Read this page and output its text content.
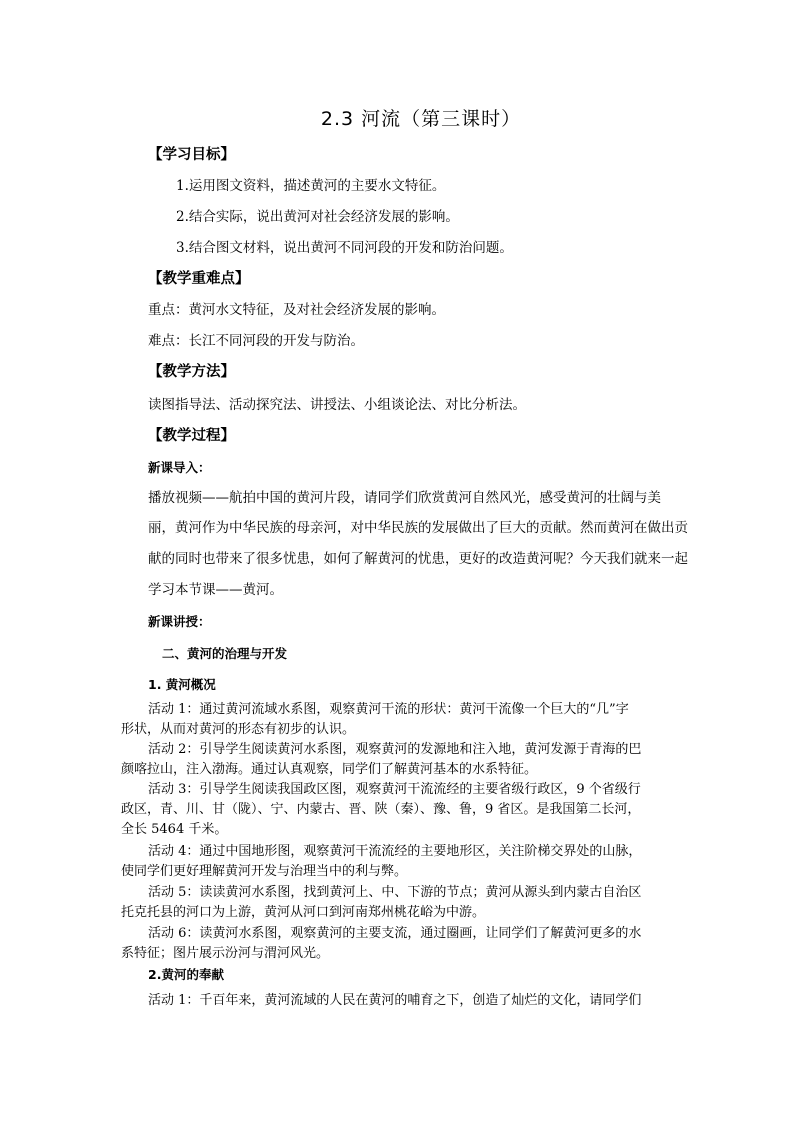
2.3 河流（第三课时）
【学习目标】
1.运用图文资料，描述黄河的主要水文特征。
2.结合实际，说出黄河对社会经济发展的影响。
3.结合图文材料，说出黄河不同河段的开发和防治问题。
【教学重难点】
重点：黄河水文特征，及对社会经济发展的影响。
难点：长江不同河段的开发与防治。
【教学方法】
读图指导法、活动探究法、讲授法、小组谈论法、对比分析法。
【教学过程】
新课导入：
播放视频——航拍中国的黄河片段，请同学们欣赏黄河自然风光，感受黄河的壮阔与美
丽，黄河作为中华民族的母亲河，对中华民族的发展做出了巨大的贡献。然而黄河在做出贡
献的同时也带来了很多忧患，如何了解黄河的忧患，更好的改造黄河呢？今天我们就来一起
学习本节课——黄河。
新课讲授：
二、黄河的治理与开发
1. 黄河概况
活动 1：通过黄河流域水系图，观察黄河干流的形状：黄河干流像一个巨大的“几”字
形状，从而对黄河的形态有初步的认识。
活动 2：引导学生阅读黄河水系图，观察黄河的发源地和注入地，黄河发源于青海的巴
颜喀拉山，注入渤海。通过认真观察，同学们了解黄河基本的水系特征。
活动 3：引导学生阅读我国政区图，观察黄河干流流经的主要省级行政区，9 个省级行
政区，青、川、甘（陇）、宁、内蒙古、晋、陕（秦）、豫、鲁，9 省区。是我国第二长河，
全长 5464 千米。
活动 4：通过中国地形图，观察黄河干流流经的主要地形区，关注阶梯交界处的山脉，
使同学们更好理解黄河开发与治理当中的利与弊。
活动 5：读读黄河水系图，找到黄河上、中、下游的节点；黄河从源头到内蒙古自治区
托克托县的河口为上游，黄河从河口到河南郑州桃花峪为中游。
活动 6：读黄河水系图，观察黄河的主要支流，通过圈画，让同学们了解黄河更多的水
系特征；图片展示汾河与渭河风光。
2.黄河的奉献
活动 1：千百年来，黄河流域的人民在黄河的哺育之下，创造了灿烂的文化，请同学们
